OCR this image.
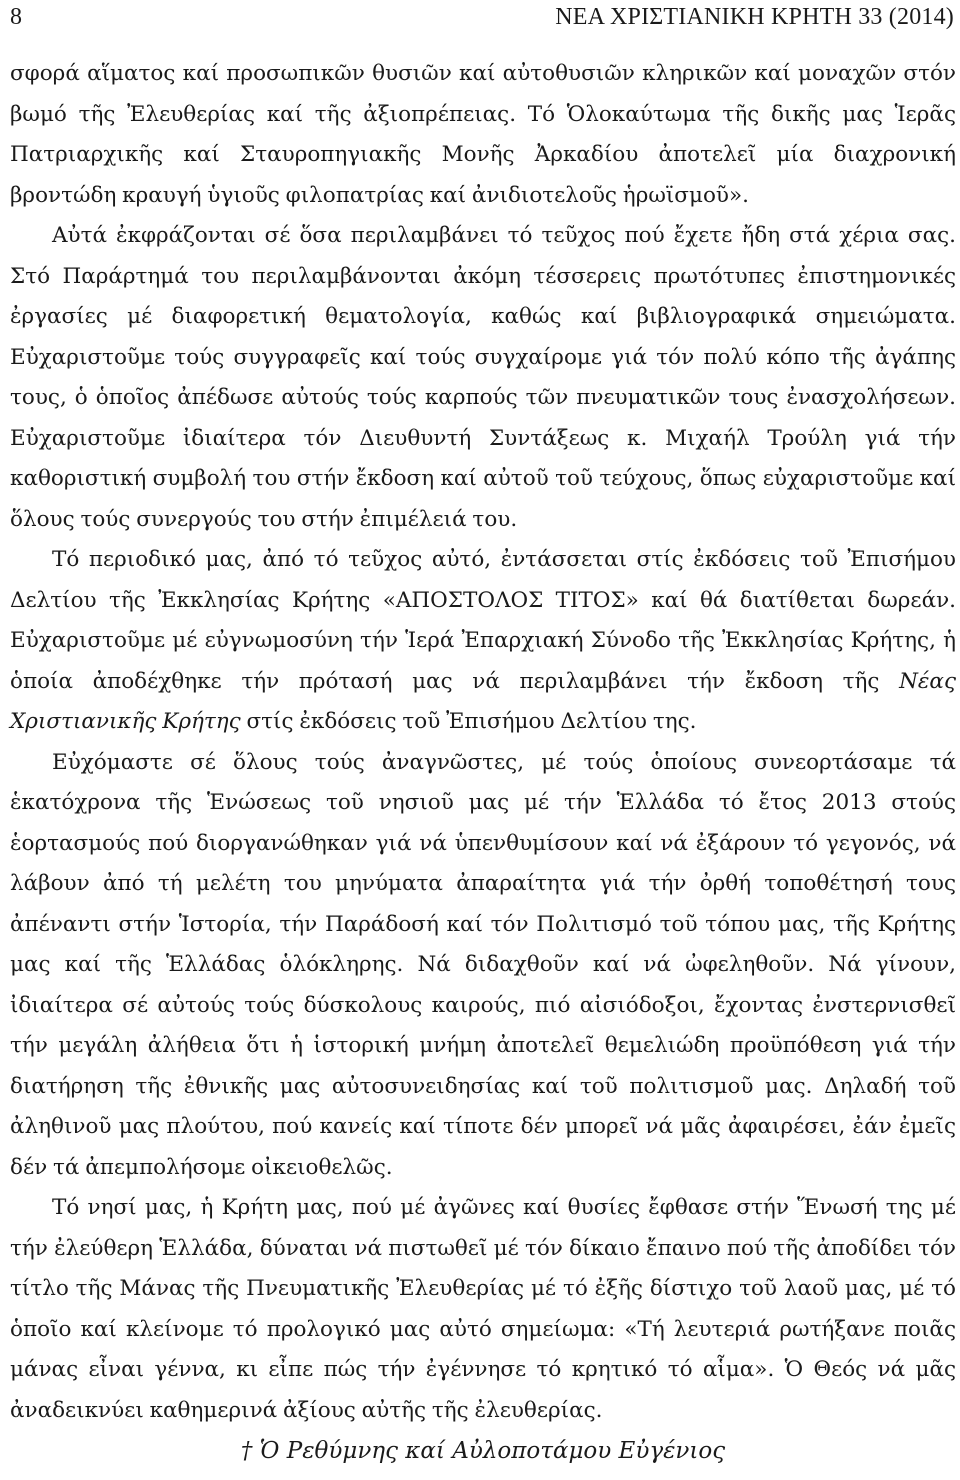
8	ΝΕΑ ΧΡΙΣΤΙΑΝΙΚΗ ΚΡΗΤΗ 33 (2014)

σφορά αἵματος καί προσωπικῶν θυσιῶν καί αὐτοθυσιῶν κληρικῶν καί μοναχῶν στόν βωμό τῆς Ἐλευθερίας καί τῆς ἀξιοπρέπειας. Τό Ὁλοκαύτωμα τῆς δικῆς μας Ἱερᾶς Πατριαρχικῆς καί Σταυροπηγιακῆς Μονῆς Ἀρκαδίου ἀποτελεῖ μία διαχρονική βροντώδη κραυγή ὑγιοῦς φιλοπατρίας καί ἀνιδιοτελοῦς ἡρωϊσμοῦ».

Αὐτά ἐκφράζονται σέ ὅσα περιλαμβάνει τό τεῦχος πού ἔχετε ἤδη στά χέρια σας. Στό Παράρτημά του περιλαμβάνονται ἀκόμη τέσσερεις πρωτότυπες ἐπιστημονικές ἐργασίες μέ διαφορετική θεματολογία, καθώς καί βιβλιογραφικά σημειώματα. Εὐχαριστοῦμε τούς συγγραφεῖς καί τούς συγχαίρομε γιά τόν πολύ κόπο τῆς ἀγάπης τους, ὁ ὁποῖος ἀπέδωσε αὐτούς τούς καρπούς τῶν πνευματικῶν τους ἐνασχολήσεων. Εὐχαριστοῦμε ἰδιαίτερα τόν Διευθυντή Συντάξεως κ. Μιχαήλ Τρούλη γιά τήν καθοριστική συμβολή του στήν ἔκδοση καί αὐτοῦ τοῦ τεύχους, ὅπως εὐχαριστοῦμε καί ὅλους τούς συνεργούς του στήν ἐπιμέλειά του.

Τό περιοδικό μας, ἀπό τό τεῦχος αὐτό, ἐντάσσεται στίς ἐκδόσεις τοῦ Ἐπισήμου Δελτίου τῆς Ἐκκλησίας Κρήτης «ΑΠΟΣΤΟΛΟΣ ΤΙΤΟΣ» καί θά διατίθεται δωρεάν. Εὐχαριστοῦμε μέ εὐγνωμοσύνη τήν Ἱερά Ἐπαρχιακή Σύνοδο τῆς Ἐκκλησίας Κρήτης, ἡ ὁποία ἀποδέχθηκε τήν πρότασή μας νά περιλαμβάνει τήν ἔκδοση τῆς Νέας Χριστιανικῆς Κρήτης στίς ἐκδόσεις τοῦ Ἐπισήμου Δελτίου της.

Εὐχόμαστε σέ ὅλους τούς ἀναγνῶστες, μέ τούς ὁποίους συνεορτάσαμε τά ἑκατόχρονα τῆς Ἑνώσεως τοῦ νησιοῦ μας μέ τήν Ἑλλάδα τό ἔτος 2013 στούς ἑορτασμούς πού διοργανώθηκαν γιά νά ὑπενθυμίσουν καί νά ἐξάρουν τό γεγονός, νά λάβουν ἀπό τή μελέτη του μηνύματα ἀπαραίτητα γιά τήν ὀρθή τοποθέτησή τους ἀπέναντι στήν Ἱστορία, τήν Παράδοσή καί τόν Πολιτισμό τοῦ τόπου μας, τῆς Κρήτης μας καί τῆς Ἑλλάδας ὁλόκληρης. Νά διδαχθοῦν καί νά ὠφεληθοῦν. Νά γίνουν, ἰδιαίτερα σέ αὐτούς τούς δύσκολους καιρούς, πιό αἰσιόδοξοι, ἔχοντας ἐνστερνισθεῖ τήν μεγάλη ἀλήθεια ὅτι ἡ ἱστορική μνήμη ἀποτελεῖ θεμελιώδη προϋπόθεση γιά τήν διατήρηση τῆς ἐθνικῆς μας αὐτοσυνειδησίας καί τοῦ πολιτισμοῦ μας. Δηλαδή τοῦ ἀληθινοῦ μας πλούτου, πού κανείς καί τίποτε δέν μπορεῖ νά μᾶς ἀφαιρέσει, ἐάν ἐμεῖς δέν τά ἀπεμπολήσομε οἰκειοθελῶς.

Τό νησί μας, ἡ Κρήτη μας, πού μέ ἀγῶνες καί θυσίες ἔφθασε στήν Ἕνωσή της μέ τήν ἐλεύθερη Ἑλλάδα, δύναται νά πιστωθεῖ μέ τόν δίκαιο ἔπαινο πού τῆς ἀποδίδει τόν τίτλο τῆς Μάνας τῆς Πνευματικῆς Ἐλευθερίας μέ τό ἐξῆς δίστιχο τοῦ λαοῦ μας, μέ τό ὁποῖο καί κλείνομε τό προλογικό μας αὐτό σημείωμα: «Τή λευτεριά ρωτήξανε ποιᾶς μάνας εἶναι γέννα, κι εἶπε πώς τήν ἐγέννησε τό κρητικό τό αἷμα». Ὁ Θεός νά μᾶς ἀναδεικνύει καθημερινά ἀξίους αὐτῆς τῆς ἐλευθερίας.

† Ὁ Ρεθύμνης καί Αὐλοποτάμου Εὐγένιος
